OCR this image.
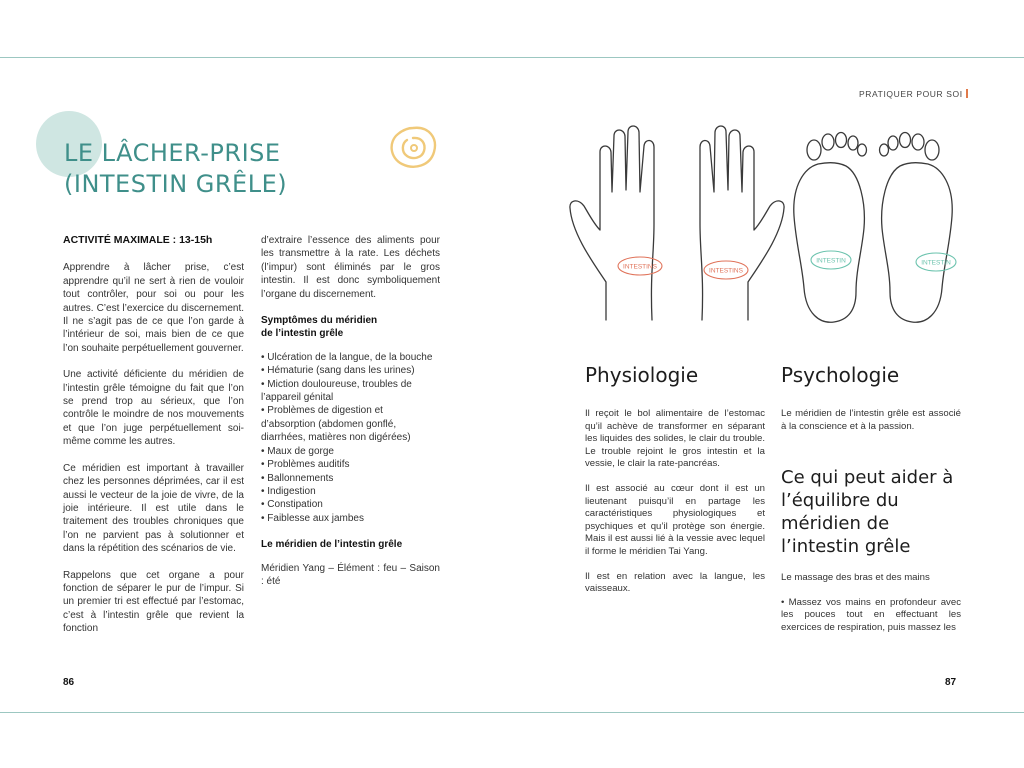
LE LÂCHER-PRISE
(INTESTIN GRÊLE)

ACTIVITÉ MAXIMALE : 13-15h

Apprendre à lâcher prise, c’est apprendre qu’il ne sert à rien de vouloir tout contrôler, pour soi ou pour les autres. C’est l’exercice du discernement. Il ne s’agit pas de ce que l’on garde à l’intérieur de soi, mais bien de ce que l’on souhaite perpétuellement gouverner.

Une activité déficiente du méridien de l’intestin grêle témoigne du fait que l’on se prend trop au sérieux, que l’on contrôle le moindre de nos mouvements et que l’on juge perpétuellement soi-même comme les autres.

Ce méridien est important à travailler chez les personnes déprimées, car il est aussi le vecteur de la joie de vivre, de la joie intérieure. Il est utile dans le traitement des troubles chroniques que l’on ne parvient pas à solutionner et dans la répétition des scénarios de vie.

Rappelons que cet organe a pour fonction de séparer le pur de l’impur. Si un premier tri est effectué par l’estomac, c’est à l’intestin grêle que revient la fonction

d’extraire l’essence des aliments pour les transmettre à la rate. Les déchets (l’impur) sont éliminés par le gros intestin. Il est donc symboliquement l’organe du discernement.

Symptômes du méridien
de l’intestin grêle
• Ulcération de la langue, de la bouche
• Hématurie (sang dans les urines)
• Miction douloureuse, troubles de l’appareil génital
• Problèmes de digestion et d’absorption (abdomen gonflé, diarrhées, matières non digérées)
• Maux de gorge
• Problèmes auditifs
• Ballonnements
• Indigestion
• Constipation
• Faiblesse aux jambes
Le méridien de l’intestin grêle

Méridien Yang – Élément : feu – Saison : été

86
PRATIQUER POUR SOI
INTESTINS
INTESTINS
INTESTIN	INTESTIN
Physiologie	Psychologie

Il reçoit le bol alimentaire de l’estomac qu’il achève de transformer en séparant les liquides des solides, le clair du trouble. Le trouble rejoint le gros intestin et la vessie, le clair la rate-pancréas.

Il est associé au cœur dont il est un lieutenant puisqu’il en partage les caractéristiques physiologiques et psychiques et qu’il protège son énergie. Mais il est aussi lié à la vessie avec lequel il forme le méridien Tai Yang.

Il est en relation avec la langue, les vaisseaux.

Le méridien de l’intestin grêle est associé à la conscience et à la passion.

Ce qui peut aider à l’équilibre du méridien de l’intestin grêle

Le massage des bras et des mains

• Massez vos mains en profondeur avec les pouces tout en effectuant les exercices de respiration, puis massez les

87
